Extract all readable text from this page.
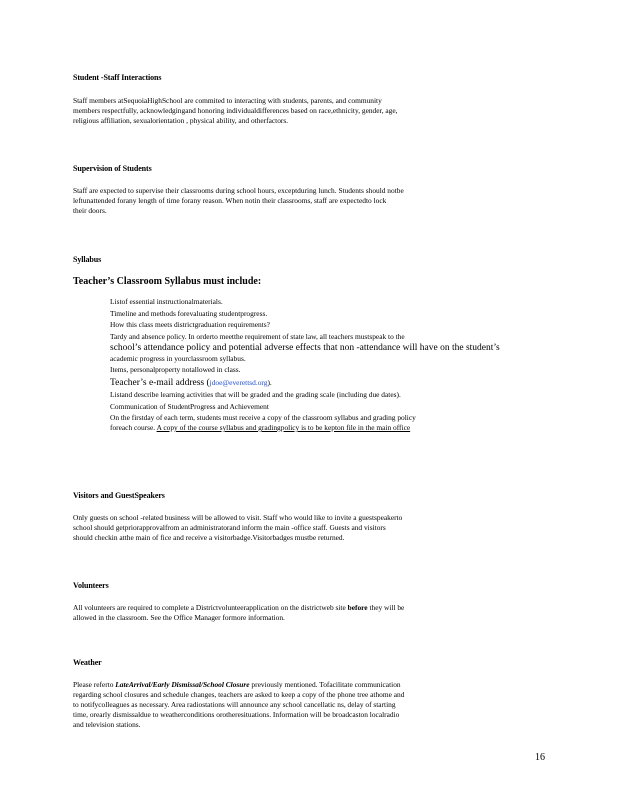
Student -Staff Interactions

Staff members atSequoiaHighSchool are commited to interacting with students, parents, and community

members respectfully, acknowledgingand honoring individualdifferences based on race,ethnicity, gender, age,

religious affiliation, sexualorientation , physical ability, and otherfactors.

Supervision of Students

Staff are expected to supervise their classrooms during school hours, exceptduring lunch. Students should notbe

leftunattended forany length of time forany reason. When notin their classrooms, staff are expectedto lock

their doors.

Syllabus
Teacher’s Classroom Syllabus must include:
Listof essential instructionalmaterials.
Timeline and methods forevaluating studentprogress.
How this class meets districtgraduation requirements?
Tardy and absence policy. In orderto meetthe requirement of state law, all teachers mustspeak to the
school’s attendance policy and potential adverse effects that non -attendance will have on the student’s
academic progress in yourclassroom syllabus.
Items, personalproperty notallowed in class.
Teacher’s e-mail address (jdoe@everettsd.org).
Listand describe learning activities that will be graded and the grading scale (including due dates).
Communication of StudentProgress and Achievement
On the firstday of each term, students must receive a copy of the classroom syllabus and grading policy
foreach course. A copy of the course syllabus and gradingpolicy is to be kepton file in the main office
Visitors and GuestSpeakers

Only guests on school -related business will be allowed to visit. Staff who would like to invite a guestspeakerto

school should getpriorapprovalfrom an administratorand inform the main -office staff. Guests and visitors

should checkin atthe main of fice and receive a visitorbadge.Visitorbadges mustbe returned.

Volunteers

All volunteers are required to complete a Districtvolunteerapplication on the districtweb site before they will be

allowed in the classroom. See the Office Manager formore information.

Weather

Please referto LateArrival/Early Dismissal/School Closure previously mentioned. Tofacilitate communication

regarding school closures and schedule changes, teachers are asked to keep a copy of the phone tree athome and

to notifycolleagues as necessary. Area radiostations will announce any school cancellatic ns, delay of starting

time, orearly dismissaldue to weatherconditions orotheresituations. Information will be broadcaston localradio

and television stations.

16
